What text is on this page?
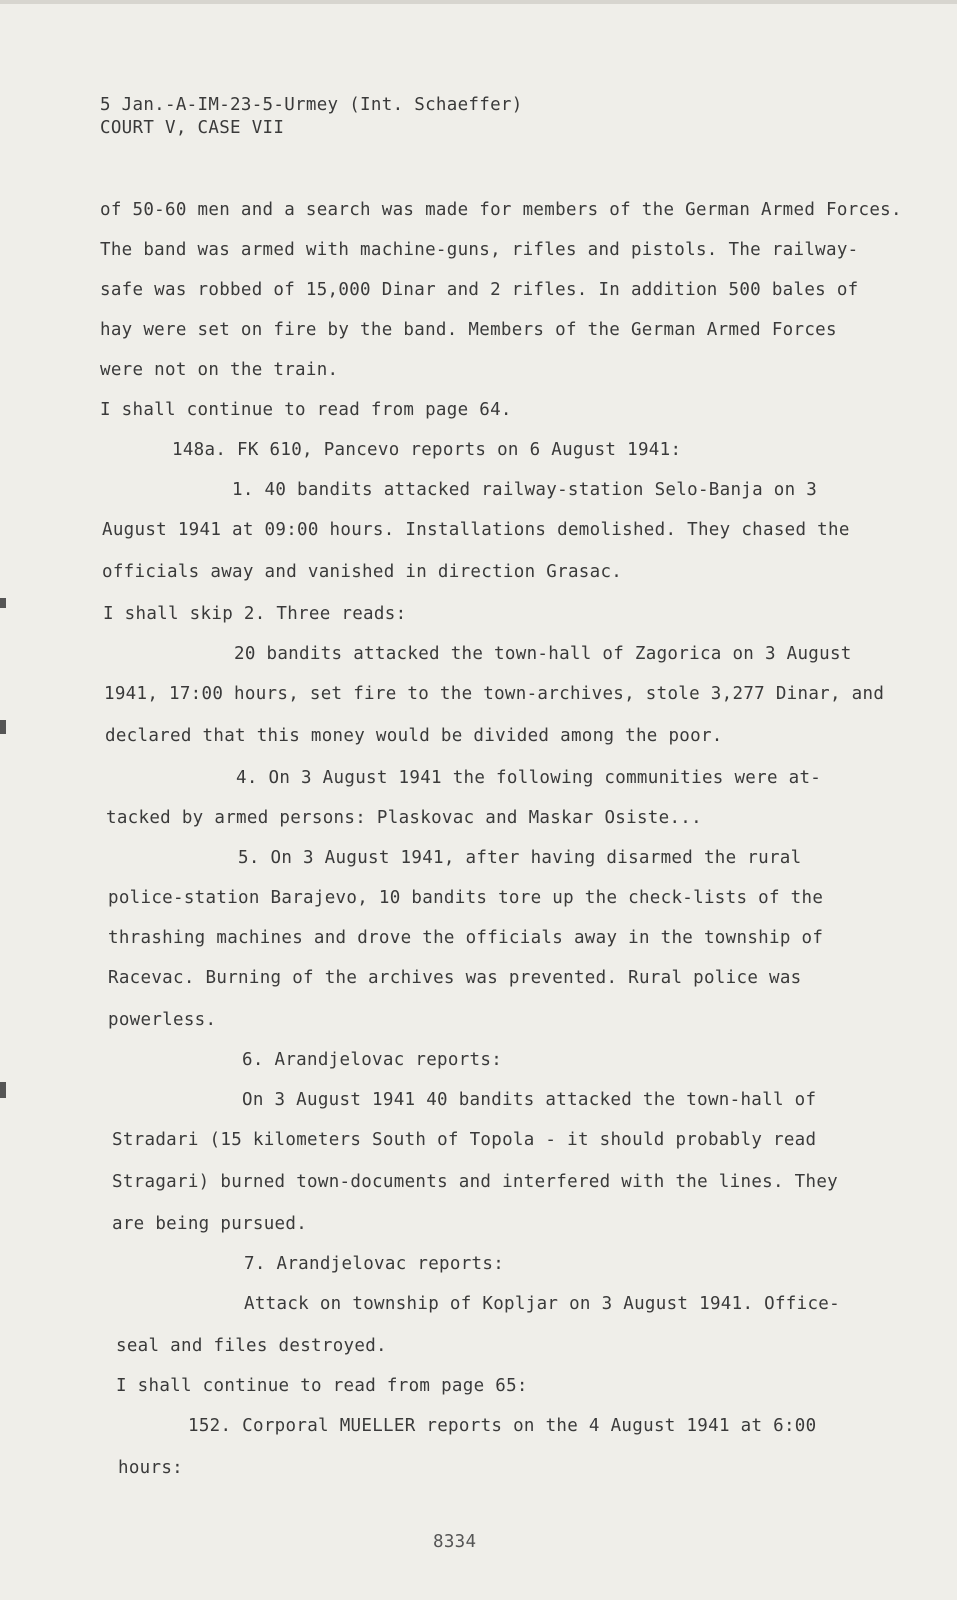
5 Jan.-A-IM-23-5-Urmey (Int. Schaeffer)
COURT V, CASE VII
of 50-60 men and a search was made for members of the German Armed Forces.
The band was armed with machine-guns, rifles and pistols. The railway-
safe was robbed of 15,000 Dinar and 2 rifles. In addition 500 bales of
hay were set on fire by the band. Members of the German Armed Forces
were not on the train.
I shall continue to read from page 64.
148a. FK 610, Pancevo reports on 6 August 1941:
1. 40 bandits attacked railway-station Selo-Banja on 3
August 1941 at 09:00 hours. Installations demolished. They chased the
officials away and vanished in direction Grasac.
I shall skip 2. Three reads:
20 bandits attacked the town-hall of Zagorica on 3 August
1941, 17:00 hours, set fire to the town-archives, stole 3,277 Dinar, and
declared that this money would be divided among the poor.
4. On 3 August 1941 the following communities were at-
tacked by armed persons: Plaskovac and Maskar Osiste...
5. On 3 August 1941, after having disarmed the rural
police-station Barajevo, 10 bandits tore up the check-lists of the
thrashing machines and drove the officials away in the township of
Racevac. Burning of the archives was prevented. Rural police was
powerless.
6. Arandjelovac reports:
On 3 August 1941 40 bandits attacked the town-hall of
Stradari (15 kilometers South of Topola - it should probably read
Stragari) burned town-documents and interfered with the lines. They
are being pursued.
7. Arandjelovac reports:
Attack on township of Kopljar on 3 August 1941. Office-
seal and files destroyed.
I shall continue to read from page 65:
152. Corporal MUELLER reports on the 4 August 1941 at 6:00
hours:
8334
